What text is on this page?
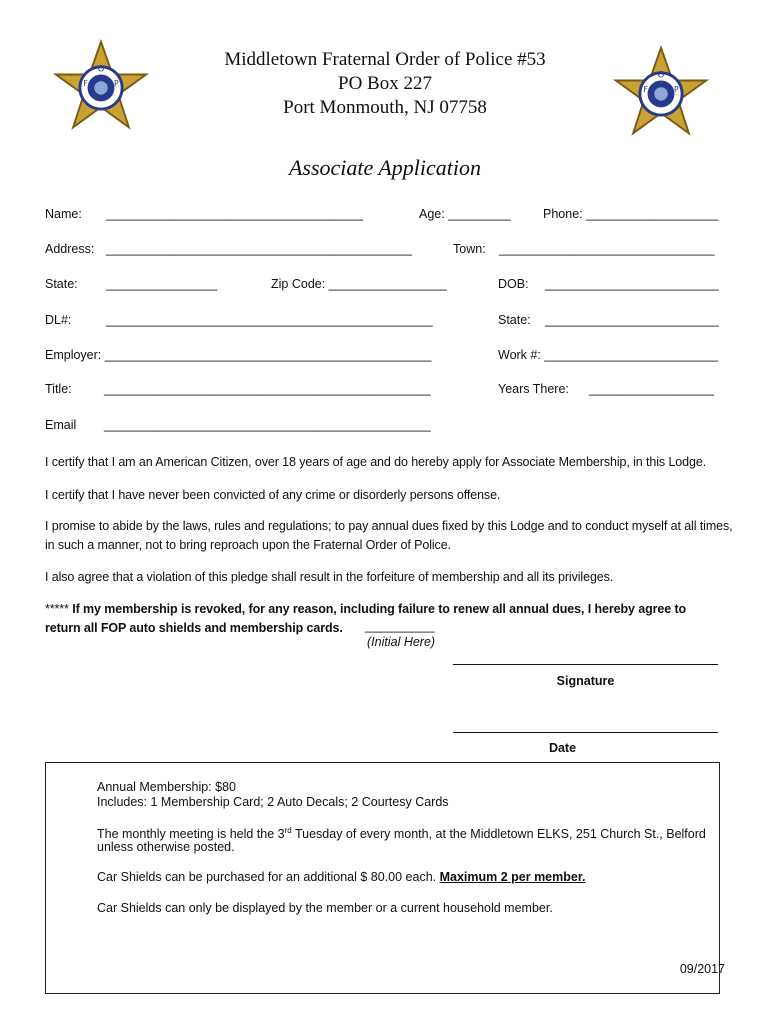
O
F	P
O
F	P
Middletown Fraternal Order of Police #53
PO Box 227
Port Monmouth, NJ 07758
Associate Application
Name: _____________________________________	Age: _________	Phone: ___________________
Address: ____________________________________________	Town: _______________________________
State: ________________	Zip Code: _________________	DOB: _________________________
DL#:	_______________________________________________	State: _________________________
Employer: _______________________________________________	Work #: _________________________
Title:	_______________________________________________	Years There: __________________
Email _______________________________________________
I certify that I am an American Citizen, over 18 years of age and do hereby apply for Associate Membership, in this Lodge.
I certify that I have never been convicted of any crime or disorderly persons offense.
I promise to abide by the laws, rules and regulations; to pay annual dues fixed by this Lodge and to conduct myself at all times, in such a manner, not to bring reproach upon the Fraternal Order of Police.
I also agree that a violation of this pledge shall result in the forfeiture of membership and all its privileges.
***** If my membership is revoked, for any reason, including failure to renew all annual dues, I hereby agree to
return all FOP auto shields and membership cards.	__________
(Initial Here)
Signature
Date
Annual Membership: $80
Includes: 1 Membership Card; 2 Auto Decals; 2 Courtesy Cards
The monthly meeting is held the 3rd Tuesday of every month, at the Middletown ELKS, 251 Church St., Belford
unless otherwise posted.
Car Shields can be purchased for an additional $ 80.00 each. Maximum 2 per member.
Car Shields can only be displayed by the member or a current household member.
09/2017
